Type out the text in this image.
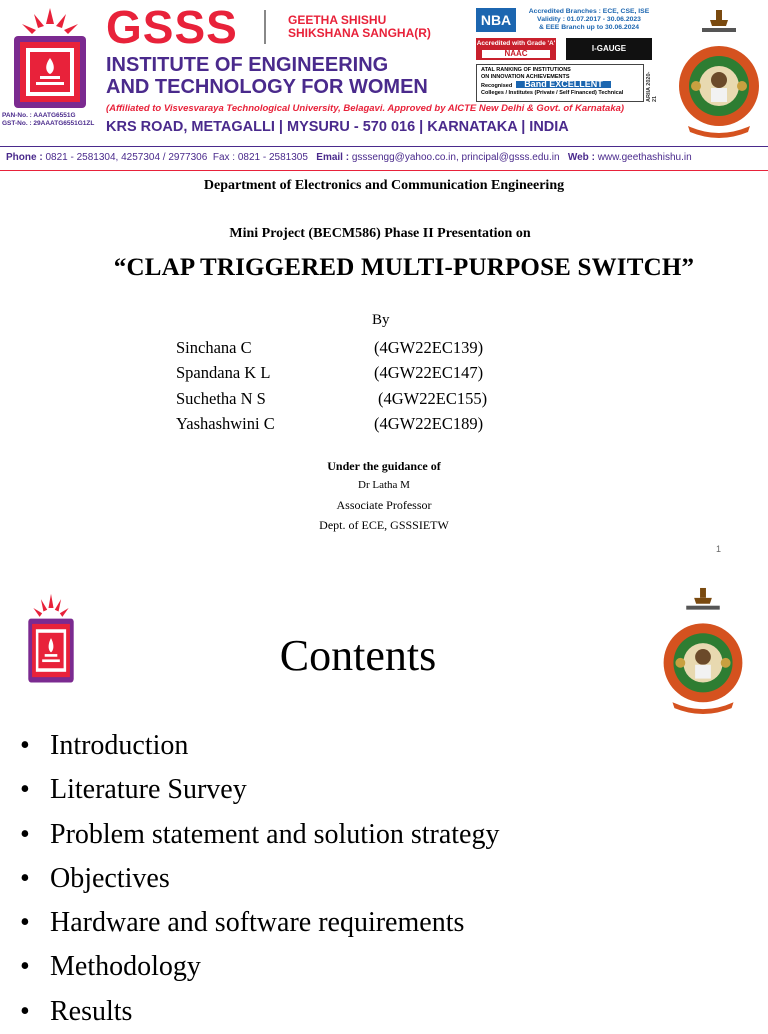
PAN-No. : AAATG6551G
GST-No. : 29AAATG6551G1ZL
GSSS	GEETHA SHISHU
SHIKSHANA SANGHA(R)
INSTITUTE OF ENGINEERING
AND TECHNOLOGY FOR WOMEN
(Affiliated to Visvesvaraya Technological University, Belagavi. Approved by AICTE New Delhi & Govt. of Karnataka)
KRS ROAD, METAGALLI | MYSURU - 570 016 | KARNATAKA | INDIA
NBA
Accredited Branches : ECE, CSE, ISE
Validity : 01.07.2017 - 30.06.2023
& EEE Branch up to 30.06.2024
Accredited with Grade 'A'
NAAC
I-GAUGE
ATAL RANKING OF INSTITUTIONS
ON INNOVATION ACHIEVEMENTS
Recognised Band EXCELLENT
Colleges / Institutes (Private / Self Financed) Technical	ARIIA 2020-21
Phone : 0821 - 2581304, 4257304 / 2977306 Fax : 0821 - 2581305 Email : gsssengg@yahoo.co.in, principal@gsss.edu.in Web : www.geethashishu.in
Department of Electronics and Communication Engineering
Mini Project (BECM586) Phase II Presentation on
“CLAP TRIGGERED MULTI-PURPOSE SWITCH”
By
Sinchana C	(4GW22EC139)
Spandana K L	(4GW22EC147)
Suchetha N S	(4GW22EC155)
Yashashwini C	(4GW22EC189)
Under the guidance of
Dr Latha M
Associate Professor
Dept. of ECE, GSSSIETW
1
Contents
• Introduction
• Literature Survey
• Problem statement and solution strategy
• Objectives
• Hardware and software requirements
• Methodology
• Results
